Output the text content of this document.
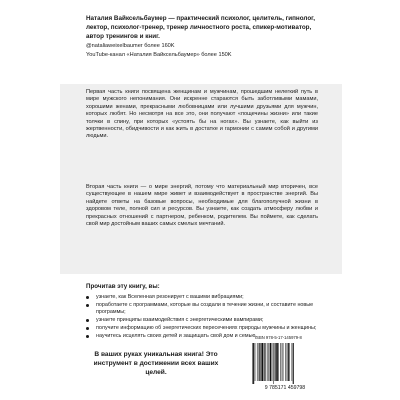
Наталия Вайксельбаумер — практический психолог, целитель, гипнолог, лектор, психолог-тренер, тренер личностного роста, спикер-мотиватор, автор тренингов и книг.
@nataliaweixelbaumer более 160K
YouTube-канал «Наталия Вайксельбаумер» более 150K

Первая часть книги посвящена женщинам и мужчинам, прошедшим нелегкий путь в мире мужского непонимания. Они искренне стараются быть заботливыми мамами, хорошими женами, прекрасными любовницами или лучшими друзьями для мужчин, которых любят. Но несмотря на все это, они получают «пощечины жизни» или такие толчки в спину, при которых «устоять бы на ногах». Вы узнаете, как выйти из жертвенности, обидчивости и как жить в достатке и гармонии с самим собой и другими людьми.

Вторая часть книги — о мире энергий, потому что материальный мир вторичен, все существующее в нашем мире живет и взаимодействует в пространстве энергий. Вы найдете ответы на базовые вопросы, необходимые для благополучной жизни в здоровом теле, полной сил и ресурсов. Вы узнаете, как создать атмосферу любви и прекрасных отношений с партнером, ребенком, родителем. Вы поймете, как сделать свой мир достойным ваших самых смелых мечтаний.

Прочитав эту книгу, вы:
узнаете, как Вселенная резонирует с вашими вибрациями;
поработаете с программами, которые вы создали в течение жизни, и составите новые программы;
узнаете принципы взаимодействия с энергетическими вампирами;
получите информацию об энергетических пересечениях природы мужчины и женщины;
научитесь исцелять своих детей и защищать свой дом и семью.
В ваших руках уникальная книга! Это инструмент в достижении всех ваших целей.
ISBN 978-5-17-145979-8
9 785171 459798
